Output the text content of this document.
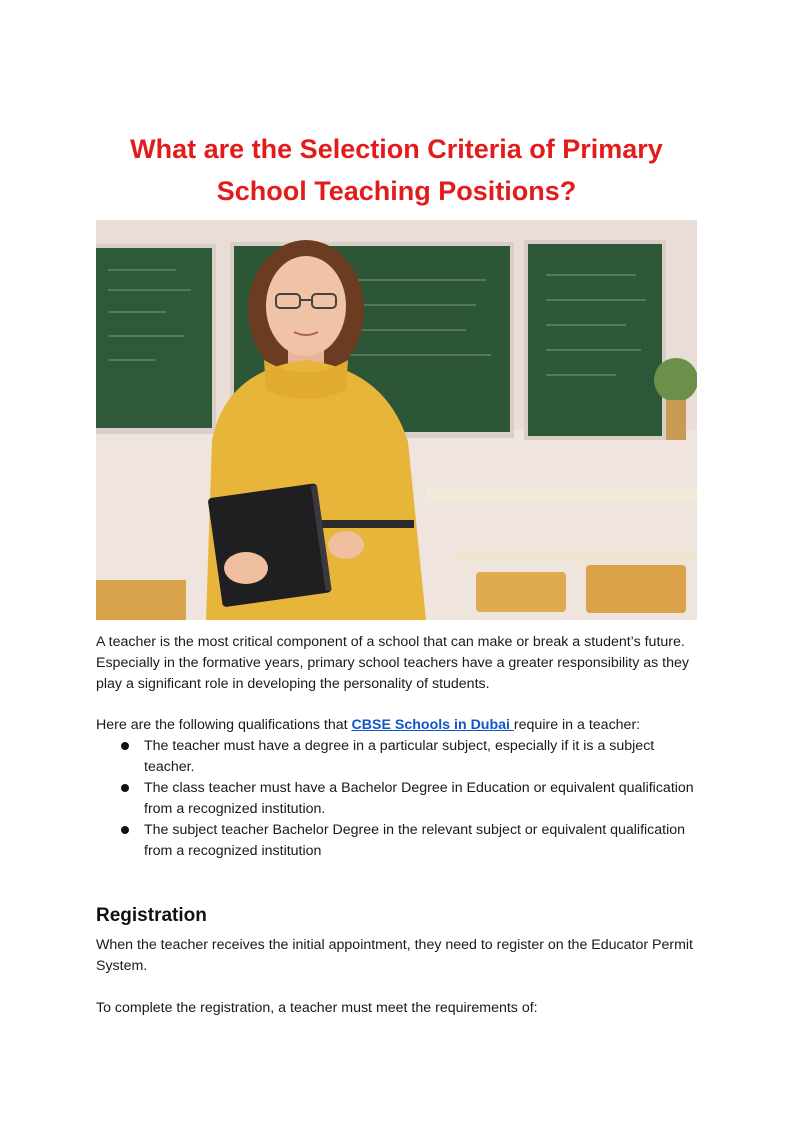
What are the Selection Criteria of Primary School Teaching Positions?

A teacher is the most critical component of a school that can make or break a student’s future. Especially in the formative years, primary school teachers have a greater responsibility as they play a significant role in developing the personality of students.

Here are the following qualifications that CBSE Schools in Dubai require in a teacher:

The teacher must have a degree in a particular subject, especially if it is a subject teacher.
The class teacher must have a Bachelor Degree in Education or equivalent qualification from a recognized institution.
The subject teacher Bachelor Degree in the relevant subject or equivalent qualification from a recognized institution
Registration

When the teacher receives the initial appointment, they need to register on the Educator Permit System.

To complete the registration, a teacher must meet the requirements of:
